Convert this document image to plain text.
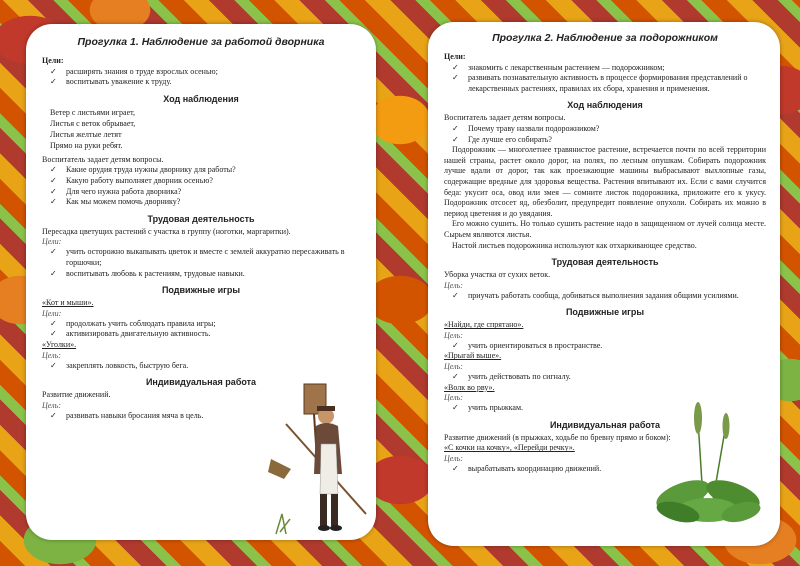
Прогулка 1. Наблюдение за работой дворника
Цели:
✓ расширять знания о труде взрослых осенью;
✓ воспитывать уважение к труду.
Ход наблюдения
Ветер с листьями играет,
Листья с веток обрывает,
Листья желтые летят
Прямо на руки ребят.
Воспитатель задает детям вопросы.
✓ Какие орудия труда нужны дворнику для работы?
✓ Какую работу выполняет дворник осенью?
✓ Для чего нужна работа дворника?
✓ Как мы можем помочь дворнику?
Трудовая деятельность
Пересадка цветущих растений с участка в группу (ноготки, маргаритки).
Цели:
✓ учить осторожно выкапывать цветок и вместе с землей аккуратно пересаживать в горшочки;
✓ воспитывать любовь к растениям, трудовые навыки.
Подвижные игры
«Кот и мыши».
Цели:
✓ продолжать учить соблюдать правила игры;
✓ активизировать двигательную активность.
«Уголки».
Цель:
✓ закреплять ловкость, быструю бега.
Индивидуальная работа
Развитие движений.
Цель:
✓ развивать навыки бросания мяча в цель.
Прогулка 2. Наблюдение за подорожником
Цели:
✓ знакомить с лекарственным растением — подорожником;
✓ развивать познавательную активность в процессе формирования представлений о лекарственных растениях, правилах их сбора, хранения и применения.
Ход наблюдения
Воспитатель задает детям вопросы.
✓ Почему траву назвали подорожником?
✓ Где лучше его собирать?
Подорожник — многолетнее травянистое растение, встречается почти по всей территории нашей страны, растет около дорог, на полях, по лесным опушкам. Собирать подорожник лучше вдали от дорог, так как проезжающие машины выбрасывают выхлопные газы, содержащие вредные для здоровья вещества. Растения впитывают их. Если с вами случится беда: укусит оса, овод или змея — сомните листок подорожника, приложите его к укусу. Подорожник отсосет яд, обезболит, предупредит появление опухоли. Собирать их можно в период цветения и до увядания.
Его можно сушить. Но только сушить растение надо в защищенном от лучей солнца месте. Сырьем являются листья.
Настой листьев подорожника используют как отхаркивающее средство.
Трудовая деятельность
Уборка участка от сухих веток.
Цель:
✓ приучать работать сообща, добиваться выполнения задания общими усилиями.
Подвижные игры
«Найди, где спрятано».
Цель:
✓ учить ориентироваться в пространстве.
«Прыгай выше».
Цель:
✓ учить действовать по сигналу.
«Волк во рву».
Цель:
✓ учить прыжкам.
Индивидуальная работа
Развитие движений (в прыжках, ходьбе по бревну прямо и боком):
«С кочки на кочку», «Перейди речку».
Цель:
✓ вырабатывать координацию движений.
